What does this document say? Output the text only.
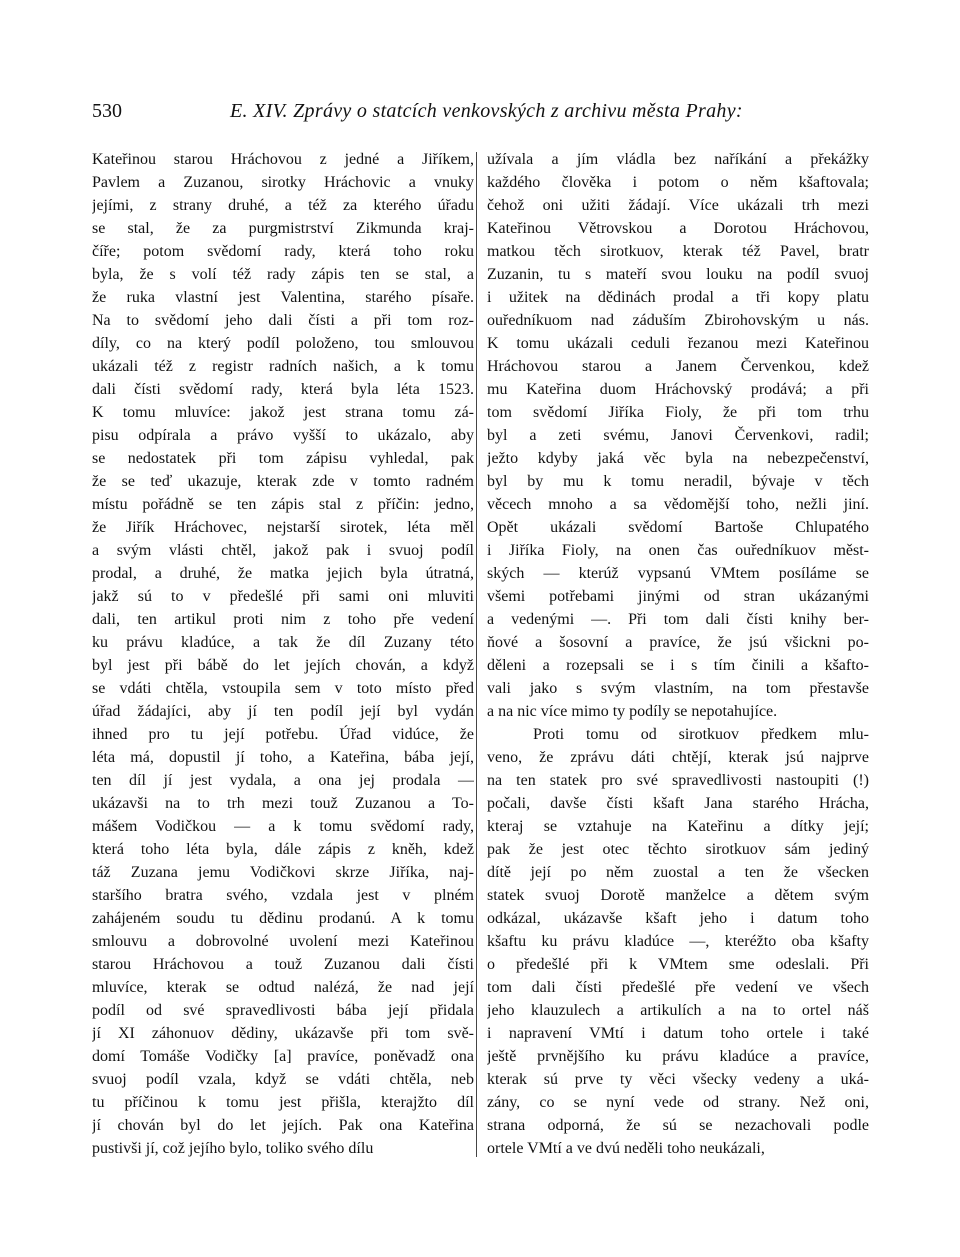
530	E. XIV. Zprávy o statcích venkovských z archivu města Prahy:
Kateřinou starou Hráchovou z jedné a Jiříkem,
Pavlem a Zuzanou, sirotky Hráchovic a vnuky
jejími, z strany druhé, a též za kterého úřadu
se stal, že za purgmistrství Zikmunda kraj-
číře; potom svědomí rady, která toho roku
byla, že s volí též rady zápis ten se stal, a
že ruka vlastní jest Valentina, starého písaře.
Na to svědomí jeho dali čísti a při tom roz-
díly, co na který podíl položeno, tou smlouvou
ukázali též z registr radních našich, a k tomu
dali čísti svědomí rady, která byla léta 1523.
K tomu mluvíce: jakož jest strana tomu zá-
pisu odpírala a právo vyšší to ukázalo, aby
se nedostatek při tom zápisu vyhledal, pak
že se teď ukazuje, kterak zde v tomto radném
místu pořádně se ten zápis stal z příčin: jedno,
že Jiřík Hráchovec, nejstarší sirotek, léta měl
a svým vlásti chtěl, jakož pak i svuoj podíl
prodal, a druhé, že matka jejich byla útratná,
jakž sú to v předešlé při sami oni mluviti
dali, ten artikul proti nim z toho pře vedení
ku právu kladúce, a tak že díl Zuzany této
byl jest při bábě do let jejích chován, a když
se vdáti chtěla, vstoupila sem v toto místo před
úřad žádajíci, aby jí ten podíl její byl vydán
ihned pro tu její potřebu. Úřad vidúce, že
léta má, dopustil jí toho, a Kateřina, bába její,
ten díl jí jest vydala, a ona jej prodala —
ukázavši na to trh mezi touž Zuzanou a To-
mášem Vodičkou — a k tomu svědomí rady,
která toho léta byla, dále zápis z kněh, kdež
táž Zuzana jemu Vodičkovi skrze Jiříka, naj-
staršího bratra svého, vzdala jest v plném
zahájeném soudu tu dědinu prodanú. A k tomu
smlouvu a dobrovolné uvolení mezi Kateřinou
starou Hráchovou a touž Zuzanou dali čísti
mluvíce, kterak se odtud nalézá, že nad její
podíl od své spravedlivosti bába její přidala
jí XI záhonuov dědiny, ukázavše při tom svě-
domí Tomáše Vodičky [a] pravíce, poněvadž ona
svuoj podíl vzala, když se vdáti chtěla, neb
tu příčinou k tomu jest přišla, kterajžto díl
jí chován byl do let jejích. Pak ona Kateřina
pustivši jí, což jejího bylo, toliko svého dílu
užívala a jím vládla bez naříkání a překážky
každého člověka i potom o něm kšaftovala;
čehož oni užiti žádají. Více ukázali trh mezi
Kateřinou Větrovskou a Dorotou Hráchovou,
matkou těch sirotkuov, kterak též Pavel, bratr
Zuzanin, tu s mateří svou louku na podíl svuoj
i užitek na dědinách prodal a tři kopy platu
ouředníkuom nad záduším Zbirohovským u nás.
K tomu ukázali ceduli řezanou mezi Kateřinou
Hráchovou starou a Janem Červenkou, kdež
mu Kateřina duom Hráchovský prodává; a při
tom svědomí Jiříka Fioly, že při tom trhu
byl a zeti svému, Janovi Červenkovi, radil;
ježto kdyby jaká věc byla na nebezpečenství,
byl by mu k tomu neradil, bývaje v těch
věcech mnoho a sa vědomější toho, nežli jiní.
Opět ukázali svědomí Bartoše Chlupatého
i Jiříka Fioly, na onen čas ouředníkuov měst-
ských — kterúž vypsanú VMtem posíláme se
všemi potřebami jinými od stran ukázanými
a vedenými —. Při tom dali čísti knihy ber-
ňové a šosovní a pravíce, že jsú všickni po-
děleni a rozepsali se i s tím činili a kšafto-
vali jako s svým vlastním, na tom přestavše
a na nic více mimo ty podíly se nepotahujíce.
Proti tomu od sirotkuov předkem mlu-
veno, že zprávu dáti chtějí, kterak jsú najprve
na ten statek pro své spravedlivosti nastoupiti (!)
počali, davše čísti kšaft Jana starého Hrácha,
kteraj se vztahuje na Kateřinu a dítky její;
pak že jest otec těchto sirotkuov sám jediný
dítě její po něm zuostal a ten že všecken
statek svuoj Dorotě manželce a dětem svým
odkázal, ukázavše kšaft jeho i datum toho
kšaftu ku právu kladúce —, kteréžto oba kšafty
o předešlé při k VMtem sme odeslali. Při
tom dali čísti předešlé pře vedení ve všech
jeho klauzulech a artikulích a na to ortel náš
i napravení VMtí i datum toho ortele i také
ještě prvnějšího ku právu kladúce a pravíce,
kterak sú prve ty věci všecky vedeny a uká-
zány, co se nyní vede od strany. Než oni,
strana odporná, že sú se nezachovali podle
ortele VMtí a ve dvú neděli toho neukázali,
